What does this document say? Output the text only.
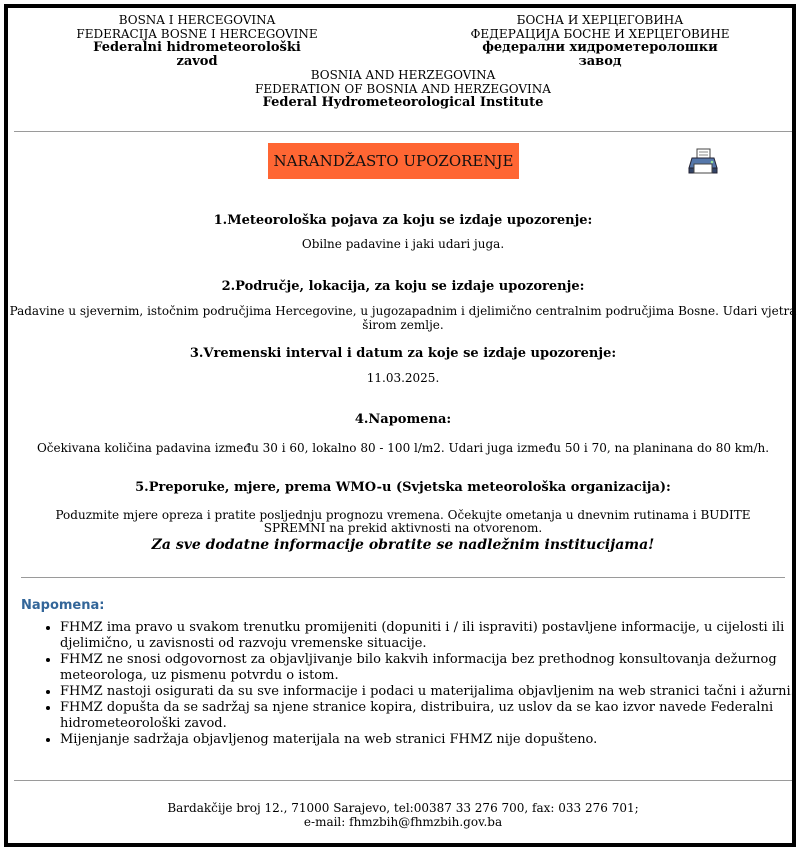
BOSNA I HERCEGOVINA
FEDERACIJA BOSNE I HERCEGOVINE
Federalni hidrometeorološki zavod
БОСНА И ХЕРЦЕГОВИНА
ФЕДЕРАЦИЈА БОСНЕ И ХЕРЦЕГОВИНЕ
федерални хидрометеролошки завод
BOSNIA AND HERZEGOVINA
FEDERATION OF BOSNIA AND HERZEGOVINA
Federal Hydrometeorological Institute
NARANDŽASTO UPOZORENJE
1.Meteorološka pojava za koju se izdaje upozorenje:
Obilne padavine i jaki udari juga.
2.Područje, lokacija, za koju se izdaje upozorenje:
Padavine u sjevernim, istočnim područjima Hercegovine, u jugozapadnim i djelimično centralnim područjima Bosne. Udari vjetra širom zemlje.
3.Vremenski interval i datum za koje se izdaje upozorenje:
11.03.2025.
4.Napomena:
Očekivana količina padavina između 30 i 60, lokalno 80 - 100 l/m2. Udari juga između 50 i 70, na planinana do 80 km/h.
5.Preporuke, mjere, prema WMO-u (Svjetska meteorološka organizacija):
Poduzmite mjere opreza i pratite posljednju prognozu vremena. Očekujte ometanja u dnevnim rutinama i BUDITE SPREMNI na prekid aktivnosti na otvorenom.
Za sve dodatne informacije obratite se nadležnim institucijama!
Napomena:
• FHMZ ima pravo u svakom trenutku promijeniti (dopuniti i / ili ispraviti) postavljene informacije, u cijelosti ili djelimično, u zavisnosti od razvoju vremenske situacije.
• FHMZ ne snosi odgovornost za objavljivanje bilo kakvih informacija bez prethodnog konsultovanja dežurnog meteorologa, uz pismenu potvrdu o istom.
• FHMZ nastoji osigurati da su sve informacije i podaci u materijalima objavljenim na web stranici tačni i ažurni.
• FHMZ dopušta da se sadržaj sa njene stranice kopira, distribuira, uz uslov da se kao izvor navede Federalni hidrometeorološki zavod.
• Mijenjanje sadržaja objavljenog materijala na web stranici FHMZ nije dopušteno.
Bardakčije broj 12., 71000 Sarajevo, tel:00387 33 276 700, fax: 033 276 701;
e-mail: fhmzbih@fhmzbih.gov.ba
